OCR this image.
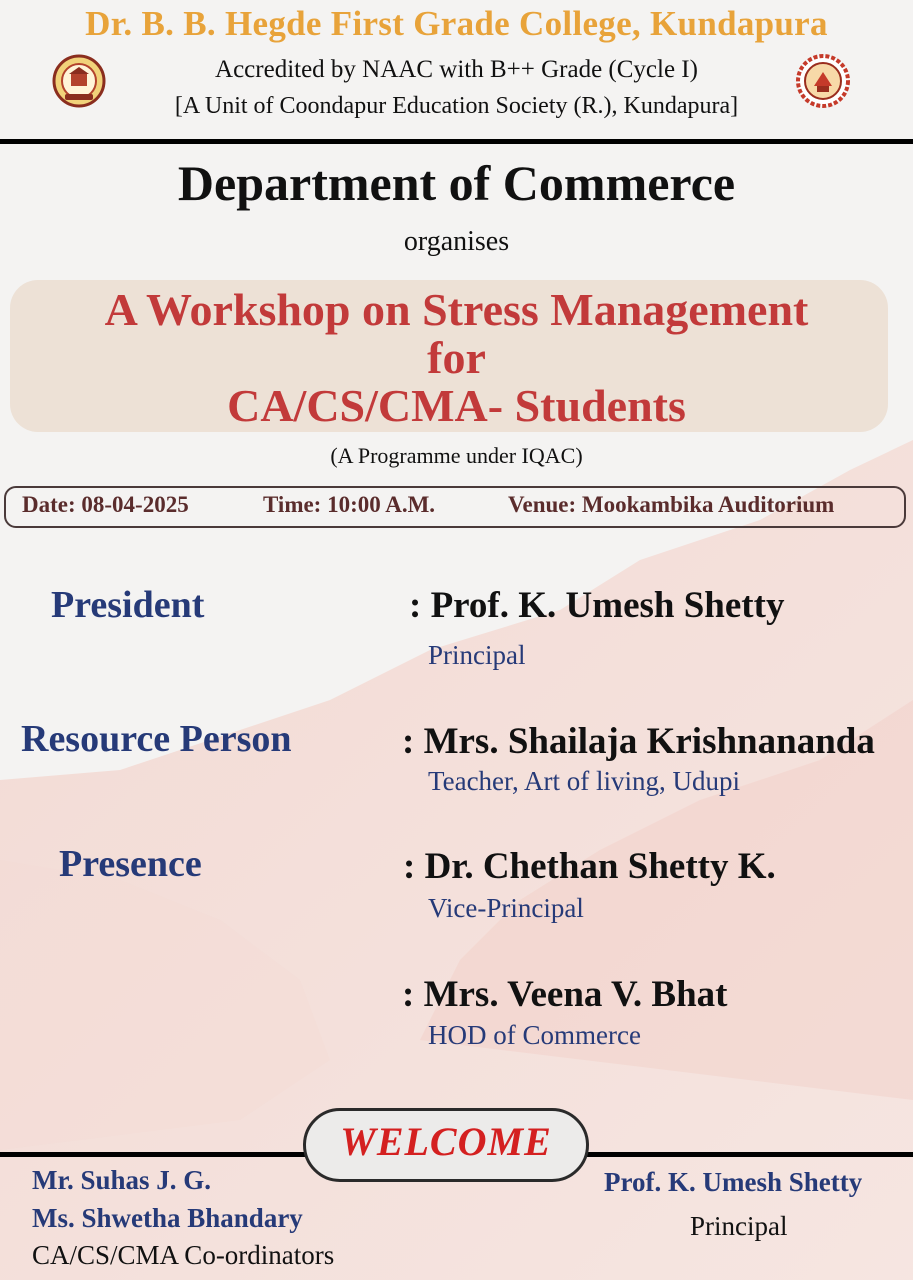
Dr. B. B. Hegde First Grade College, Kundapura
Accredited by NAAC with B++ Grade (Cycle I)
[A Unit of Coondapur Education Society (R.), Kundapura]
Department of Commerce
organises
A Workshop on Stress Management
for
CA/CS/CMA- Students
(A Programme under IQAC)
Date: 08-04-2025	Time: 10:00 A.M.	Venue: Mookambika Auditorium
President	: Prof. K. Umesh Shetty
Principal
Resource Person	: Mrs. Shailaja Krishnananda
Teacher, Art of living, Udupi
Presence	: Dr. Chethan Shetty K.
Vice-Principal
: Mrs. Veena V. Bhat
HOD of Commerce
WELCOME
Mr. Suhas J. G.
Ms. Shwetha Bhandary
CA/CS/CMA Co-ordinators
Prof. K. Umesh Shetty
Principal
